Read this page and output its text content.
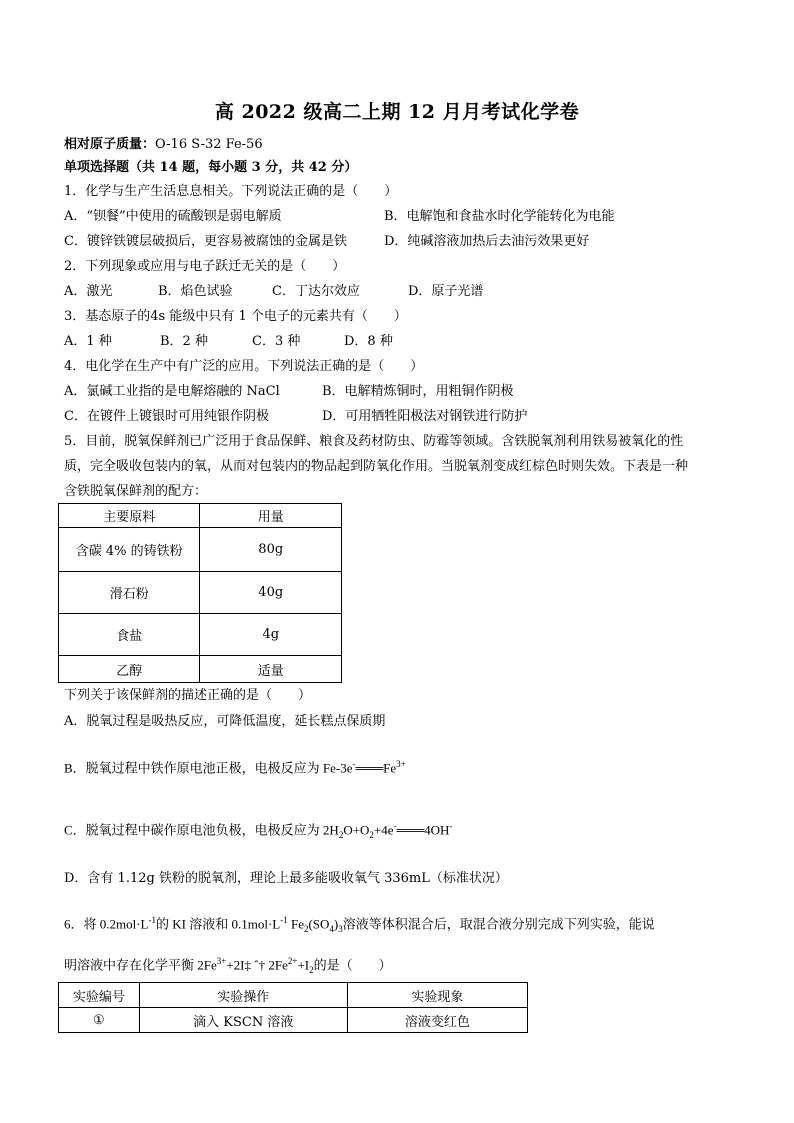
高 2022 级高二上期 12 月月考试化学卷
相对原子质量：O-16 S-32 Fe-56
单项选择题（共 14 题，每小题 3 分，共 42 分）
1．化学与生产生活息息相关。下列说法正确的是（　　）
A．“钡餐”中使用的硫酸钡是弱电解质	B．电解饱和食盐水时化学能转化为电能
C．镀锌铁镀层破损后，更容易被腐蚀的金属是铁	D．纯碱溶液加热后去油污效果更好
2．下列现象或应用与电子跃迁无关的是（　　）
A．激光	B．焰色试验	C．丁达尔效应	D．原子光谱
3．基态原子的4s 能级中只有 1 个电子的元素共有（　　）
A．1 种	B．2 种	C．3 种	D．8 种
4．电化学在生产中有广泛的应用。下列说法正确的是（　　）
A．氯碱工业指的是电解熔融的 NaCl	B．电解精炼铜时，用粗铜作阴极
C．在镀件上镀银时可用纯银作阴极	D．可用牺牲阳极法对钢铁进行防护
5．目前，脱氧保鲜剂已广泛用于食品保鲜、粮食及药材防虫、防霉等领域。含铁脱氧剂利用铁易被氧化的性
质，完全吸收包装内的氧，从而对包装内的物品起到防氧化作用。当脱氧剂变成红棕色时则失效。下表是一种
含铁脱氧保鲜剂的配方：
主要原料	用量
含碳 4% 的铸铁粉	80g
滑石粉	40g
食盐	4g
乙醇	适量
下列关于该保鲜剂的描述正确的是（　　）
A．脱氧过程是吸热反应，可降低温度，延长糕点保质期
B．脱氧过程中铁作原电池正极，电极反应为 $Fe-3e^-═══Fe^{3+}$
C．脱氧过程中碳作原电池负极，电极反应为 $2H_2O+O_2+4e^-═══4OH^-$
D．含有 1.12g 铁粉的脱氧剂，理论上最多能吸收氧气 336mL（标准状况）
6．将 $0.2mol\cdot L^{-1}$的 KI 溶液和 $0.1mol\cdot L^{-1}$ $Fe_2(SO_4)_3$溶液等体积混合后，取混合液分别完成下列实验，能说
明溶液中存在化学平衡 $2Fe^{3+}+2I\ddagger$ ˆ† $2Fe^{2+}+I_2$的是（　　）
实验编号	实验操作	实验现象
①	滴入 KSCN 溶液	溶液变红色
